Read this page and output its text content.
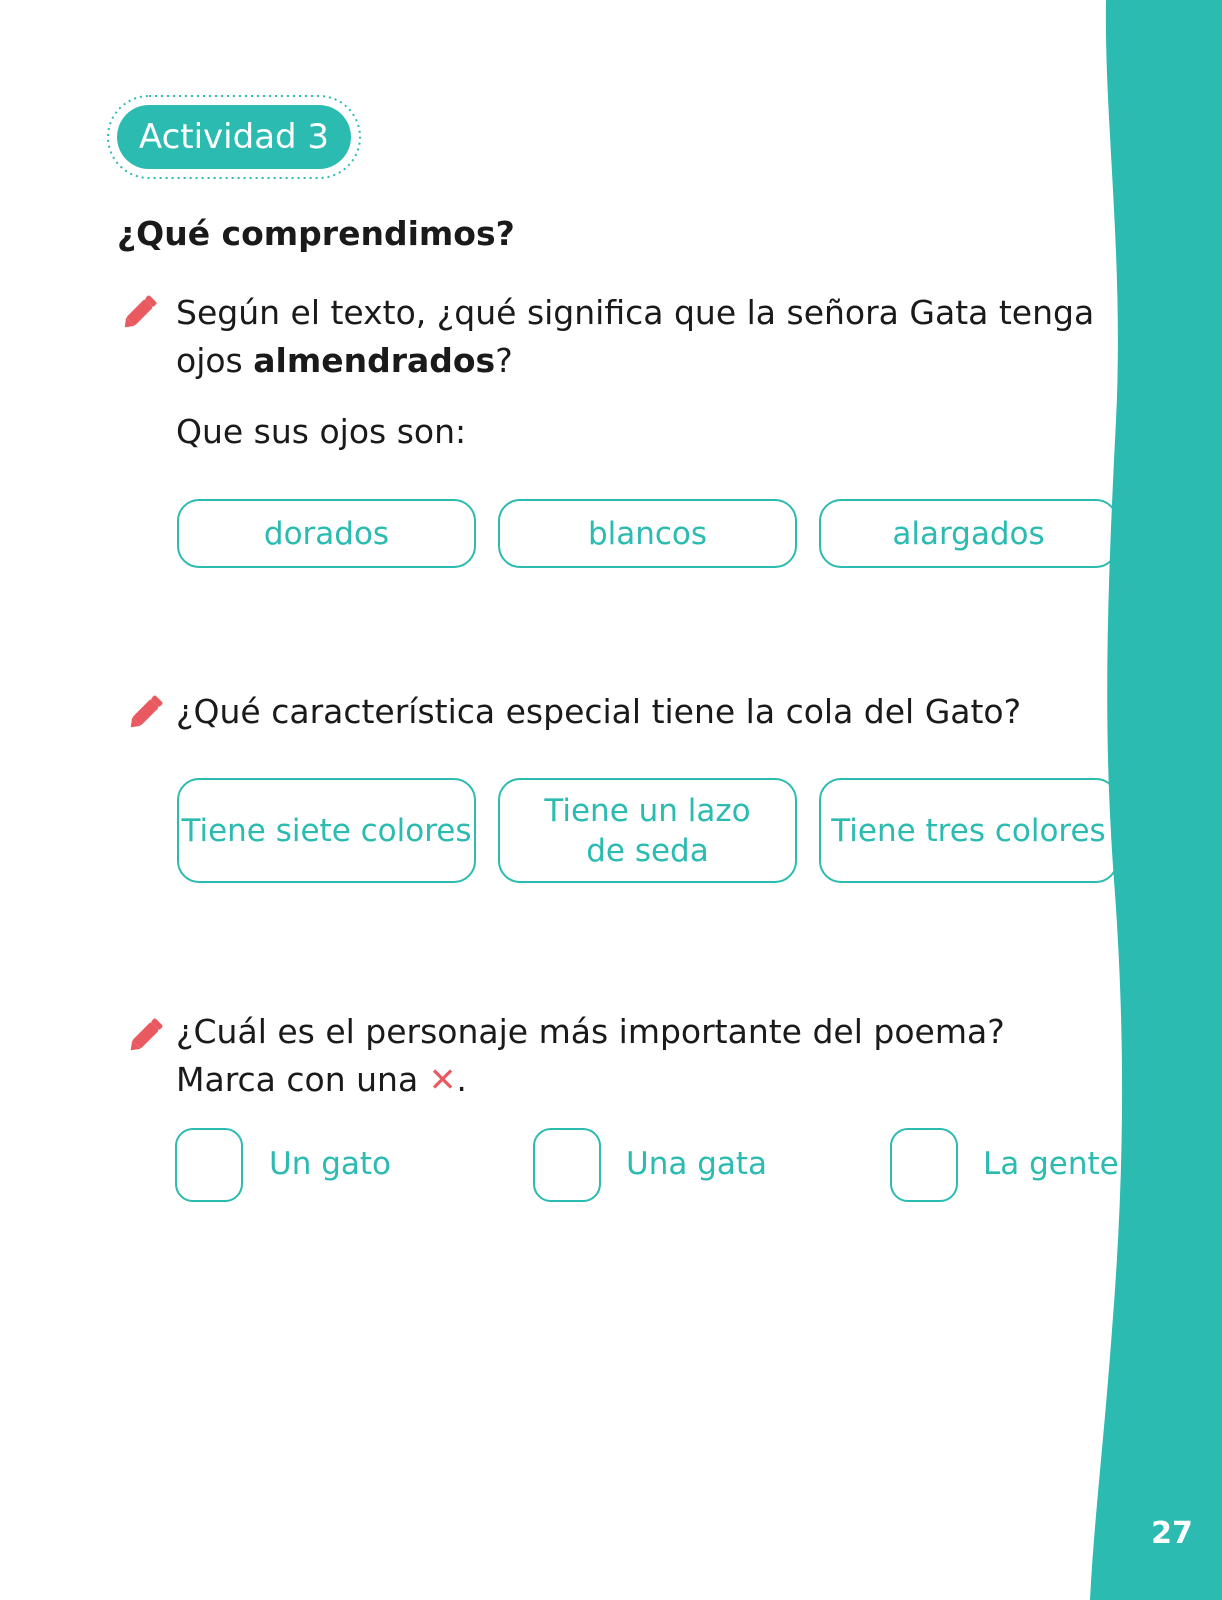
27
Actividad 3
¿Qué comprendimos?
Según el texto, ¿qué significa que la señora Gata tenga
ojos almendrados?
Que sus ojos son:
dorados	blancos	alargados
¿Qué característica especial tiene la cola del Gato?
Tiene siete colores
Tiene un lazo
de seda
Tiene tres colores
¿Cuál es el personaje más importante del poema?
Marca con una ✕.
Un gato	Una gata	La gente
